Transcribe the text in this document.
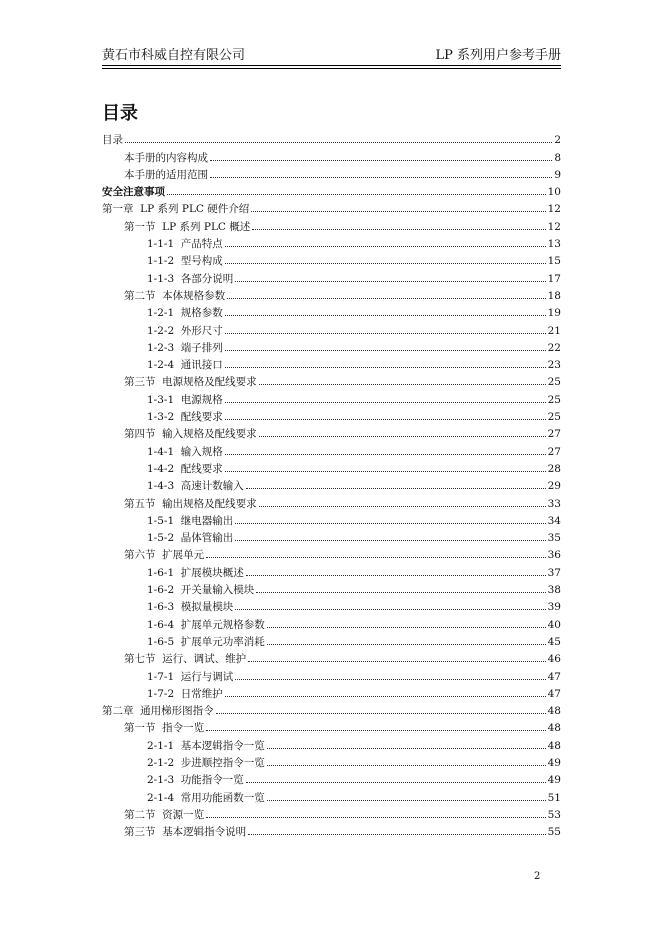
黄石市科威自控有限公司	LP 系列用户参考手册
目录
目录	2
本手册的内容构成	8
本手册的适用范围	9
安全注意事项	10
第一章  LP 系列 PLC 硬件介绍	12
第一节  LP 系列 PLC 概述	12
1-1-1  产品特点	13
1-1-2  型号构成	15
1-1-3  各部分说明	17
第二节  本体规格参数	18
1-2-1  规格参数	19
1-2-2  外形尺寸	21
1-2-3  端子排列	22
1-2-4  通讯接口	23
第三节  电源规格及配线要求	25
1-3-1  电源规格	25
1-3-2  配线要求	25
第四节  输入规格及配线要求	27
1-4-1  输入规格	27
1-4-2  配线要求	28
1-4-3  高速计数输入	29
第五节  输出规格及配线要求	33
1-5-1  继电器输出	34
1-5-2  晶体管输出	35
第六节  扩展单元	36
1-6-1  扩展模块概述	37
1-6-2  开关量输入模块	38
1-6-3  模拟量模块	39
1-6-4  扩展单元规格参数	40
1-6-5  扩展单元功率消耗	45
第七节  运行、调试、维护	46
1-7-1  运行与调试	47
1-7-2  日常维护	47
第二章  通用梯形图指令	48
第一节  指令一览	48
2-1-1  基本逻辑指令一览	48
2-1-2  步进顺控指令一览	49
2-1-3  功能指令一览	49
2-1-4  常用功能函数一览	51
第二节  资源一览	53
第三节  基本逻辑指令说明	55
2
